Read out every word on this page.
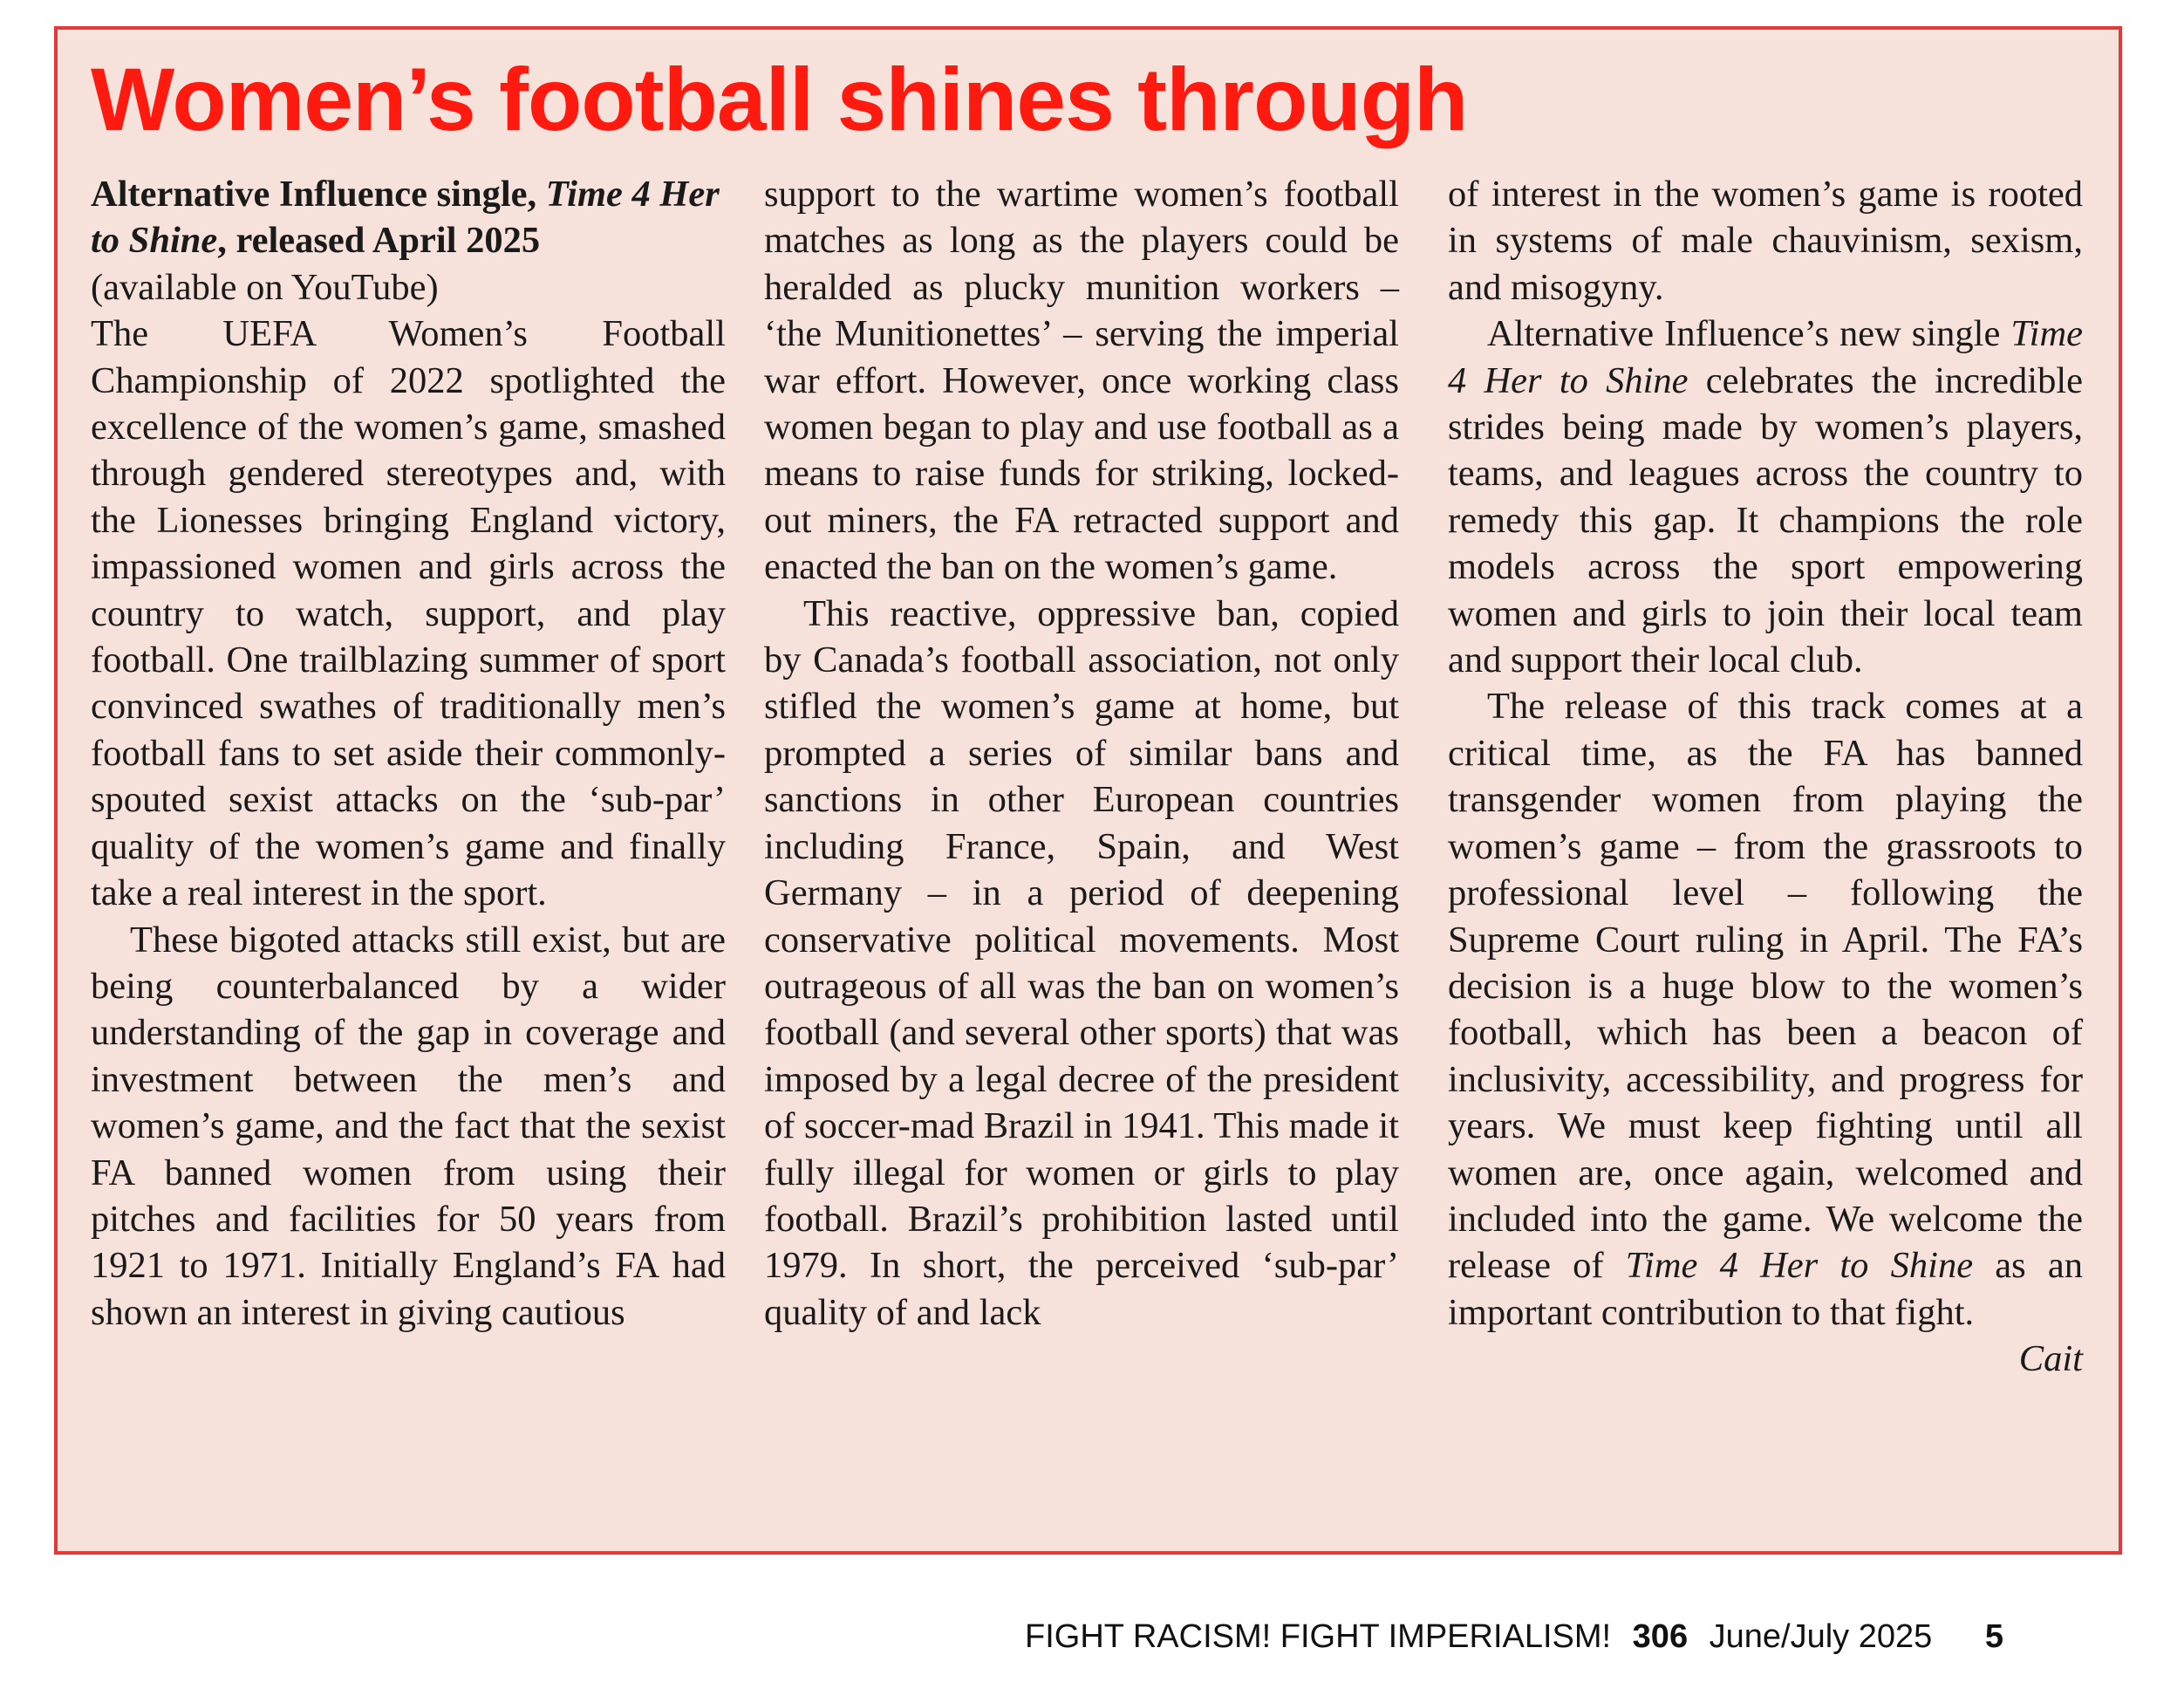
Women’s football shines through

Alternative Influence single, Time 4 Her to Shine, released April 2025
(available on YouTube)

The UEFA Women’s Football Championship of 2022 spotlighted the excellence of the women’s game, smashed through gendered stereotypes and, with the Lionesses bringing England victory, impassioned women and girls across the country to watch, support, and play football. One trailblazing summer of sport convinced swathes of traditionally men’s football fans to set aside their commonly-spouted sexist attacks on the ‘sub-par’ quality of the women’s game and finally take a real interest in the sport.

These bigoted attacks still exist, but are being counterbalanced by a wider understanding of the gap in coverage and investment between the men’s and women’s game, and the fact that the sexist FA banned women from using their pitches and facilities for 50 years from 1921 to 1971. Initially England’s FA had shown an interest in giving cautious

support to the wartime women’s football matches as long as the players could be heralded as plucky munition workers – ‘the Munitionettes’ – serving the imperial war effort. However, once working class women began to play and use football as a means to raise funds for striking, locked-out miners, the FA retracted support and enacted the ban on the women’s game.

This reactive, oppressive ban, copied by Canada’s football association, not only stifled the women’s game at home, but prompted a series of similar bans and sanctions in other European countries including France, Spain, and West Germany – in a period of deepening conservative political movements. Most outrageous of all was the ban on women’s football (and several other sports) that was imposed by a legal decree of the president of soccer-mad Brazil in 1941. This made it fully illegal for women or girls to play football. Brazil’s prohibition lasted until 1979. In short, the perceived ‘sub-par’ quality of and lack

of interest in the women’s game is rooted in systems of male chauvinism, sexism, and misogyny.

Alternative Influence’s new single Time 4 Her to Shine celebrates the incredible strides being made by women’s players, teams, and leagues across the country to remedy this gap. It champions the role models across the sport empowering women and girls to join their local team and support their local club.

The release of this track comes at a critical time, as the FA has banned transgender women from playing the women’s game – from the grassroots to professional level – following the Supreme Court ruling in April. The FA’s decision is a huge blow to the women’s football, which has been a beacon of inclusivity, accessibility, and progress for years. We must keep fighting until all women are, once again, welcomed and included into the game. We welcome the release of Time 4 Her to Shine as an important contribution to that fight.

Cait

FIGHT RACISM! FIGHT IMPERIALISM! 306 June/July 2025 5
